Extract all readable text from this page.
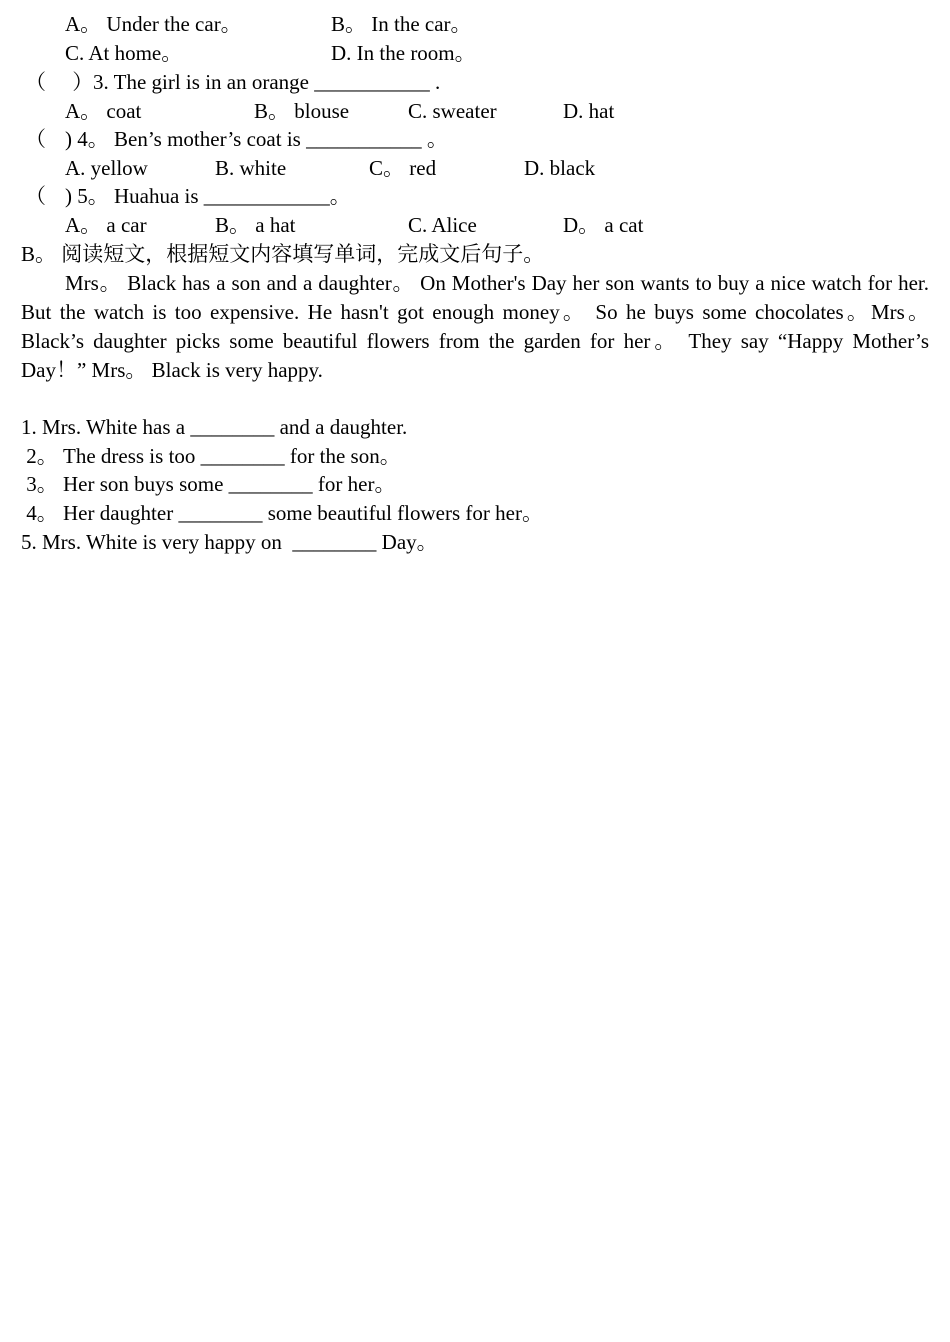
A。 Under the car。

	B。 In the car。

C. At home。

	D. In the room。

（　 ）

3. The girl is in an orange ___________ .

A。 coat

	B。 blouse

	C. sweater

	D. hat

（

) 4。 Ben’s mother’s coat is ___________ 。

A. yellow

	B. white

	C。 red

	D. black

（

) 5。 Huahua is ____________。

A。 a car

	B。 a hat

	C. Alice

	D。 a cat

B。 阅读短文，根据短文内容填写单词，完成文后句子。
Mrs。 Black has a son and a daughter。 On Mother's Day her son wants to buy a nice watch for her. But the watch is too expensive. He hasn't got enough money。 So he buys some chocolates。Mrs。 Black’s daughter picks some beautiful flowers from the garden for her。 They say “Happy Mother’s Day！” Mrs。 Black is very happy.
1. Mrs. White has a ________ and a daughter.
2。 The dress is too ________ for the son。
3。 Her son buys some ________ for her。
4。 Her daughter ________ some beautiful flowers for her。
5. Mrs. White is very happy on  ________ Day。
